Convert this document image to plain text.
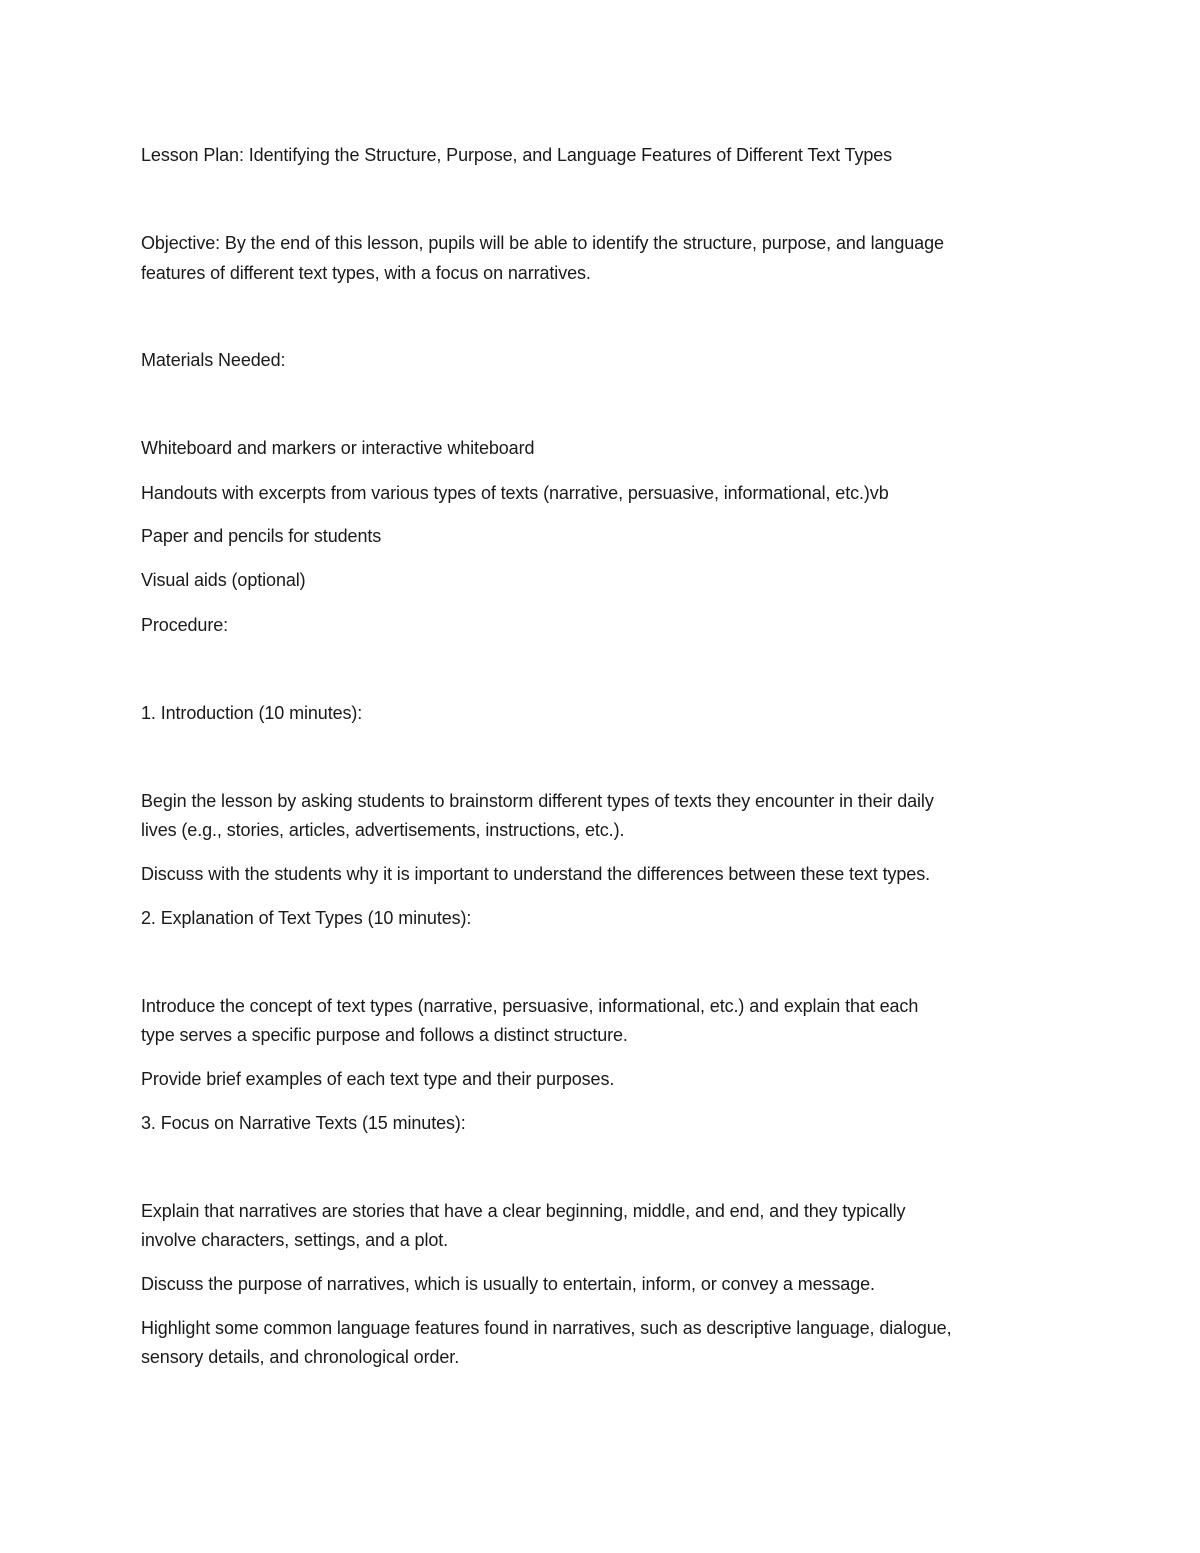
Lesson Plan: Identifying the Structure, Purpose, and Language Features of Different Text Types
Objective: By the end of this lesson, pupils will be able to identify the structure, purpose, and language
features of different text types, with a focus on narratives.
Materials Needed:
Whiteboard and markers or interactive whiteboard
Handouts with excerpts from various types of texts (narrative, persuasive, informational, etc.)vb
Paper and pencils for students
Visual aids (optional)
Procedure:
1. Introduction (10 minutes):
Begin the lesson by asking students to brainstorm different types of texts they encounter in their daily
lives (e.g., stories, articles, advertisements, instructions, etc.).
Discuss with the students why it is important to understand the differences between these text types.
2. Explanation of Text Types (10 minutes):
Introduce the concept of text types (narrative, persuasive, informational, etc.) and explain that each
type serves a specific purpose and follows a distinct structure.
Provide brief examples of each text type and their purposes.
3. Focus on Narrative Texts (15 minutes):
Explain that narratives are stories that have a clear beginning, middle, and end, and they typically
involve characters, settings, and a plot.
Discuss the purpose of narratives, which is usually to entertain, inform, or convey a message.
Highlight some common language features found in narratives, such as descriptive language, dialogue,
sensory details, and chronological order.
